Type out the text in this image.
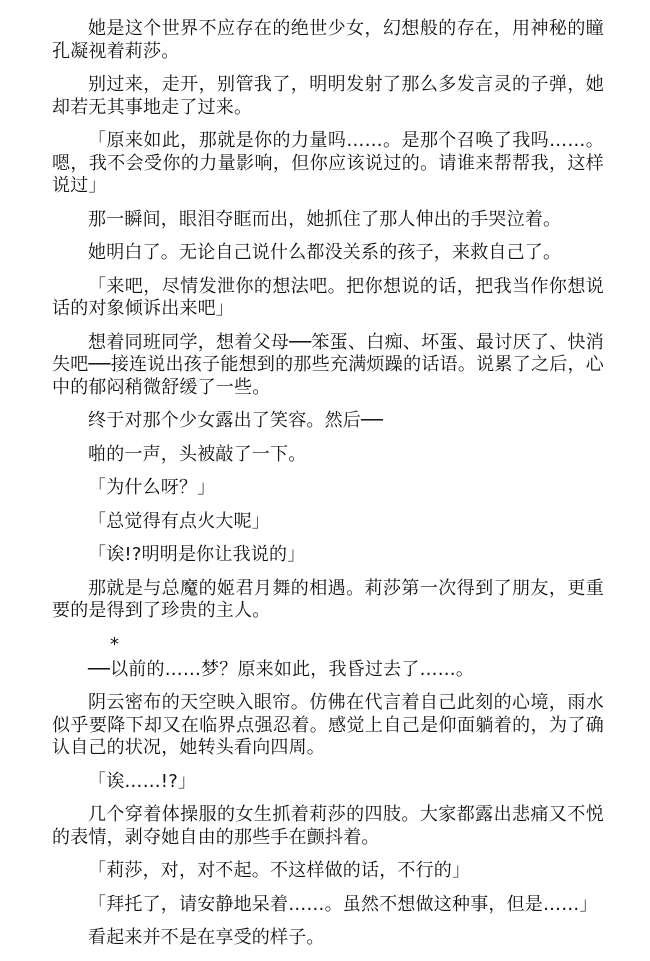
她是这个世界不应存在的绝世少女，幻想般的存在，用神秘的瞳孔凝视着莉莎。

别过来，走开，别管我了，明明发射了那么多发言灵的子弹，她却若无其事地走了过来。

「原来如此，那就是你的力量吗……。是那个召唤了我吗……。嗯，我不会受你的力量影响，但你应该说过的。请谁来帮帮我，这样说过」

那一瞬间，眼泪夺眶而出，她抓住了那人伸出的手哭泣着。

她明白了。无论自己说什么都没关系的孩子，来救自己了。

「来吧，尽情发泄你的想法吧。把你想说的话，把我当作你想说话的对象倾诉出来吧」

想着同班同学，想着父母──笨蛋、白痴、坏蛋、最讨厌了、快消失吧──接连说出孩子能想到的那些充满烦躁的话语。说累了之后，心中的郁闷稍微舒缓了一些。

终于对那个少女露出了笑容。然后──

啪的一声，头被敲了一下。

「为什么呀？」

「总觉得有点火大呢」

「诶!?明明是你让我说的」

那就是与总魔的姬君月舞的相遇。莉莎第一次得到了朋友，更重要的是得到了珍贵的主人。

*

──以前的……梦？原来如此，我昏过去了……。

阴云密布的天空映入眼帘。仿佛在代言着自己此刻的心境，雨水似乎要降下却又在临界点强忍着。感觉上自己是仰面躺着的，为了确认自己的状况，她转头看向四周。

「诶……!?」

几个穿着体操服的女生抓着莉莎的四肢。大家都露出悲痛又不悦的表情，剥夺她自由的那些手在颤抖着。

「莉莎，对，对不起。不这样做的话，不行的」

「拜托了，请安静地呆着……。虽然不想做这种事，但是……」

看起来并不是在享受的样子。
